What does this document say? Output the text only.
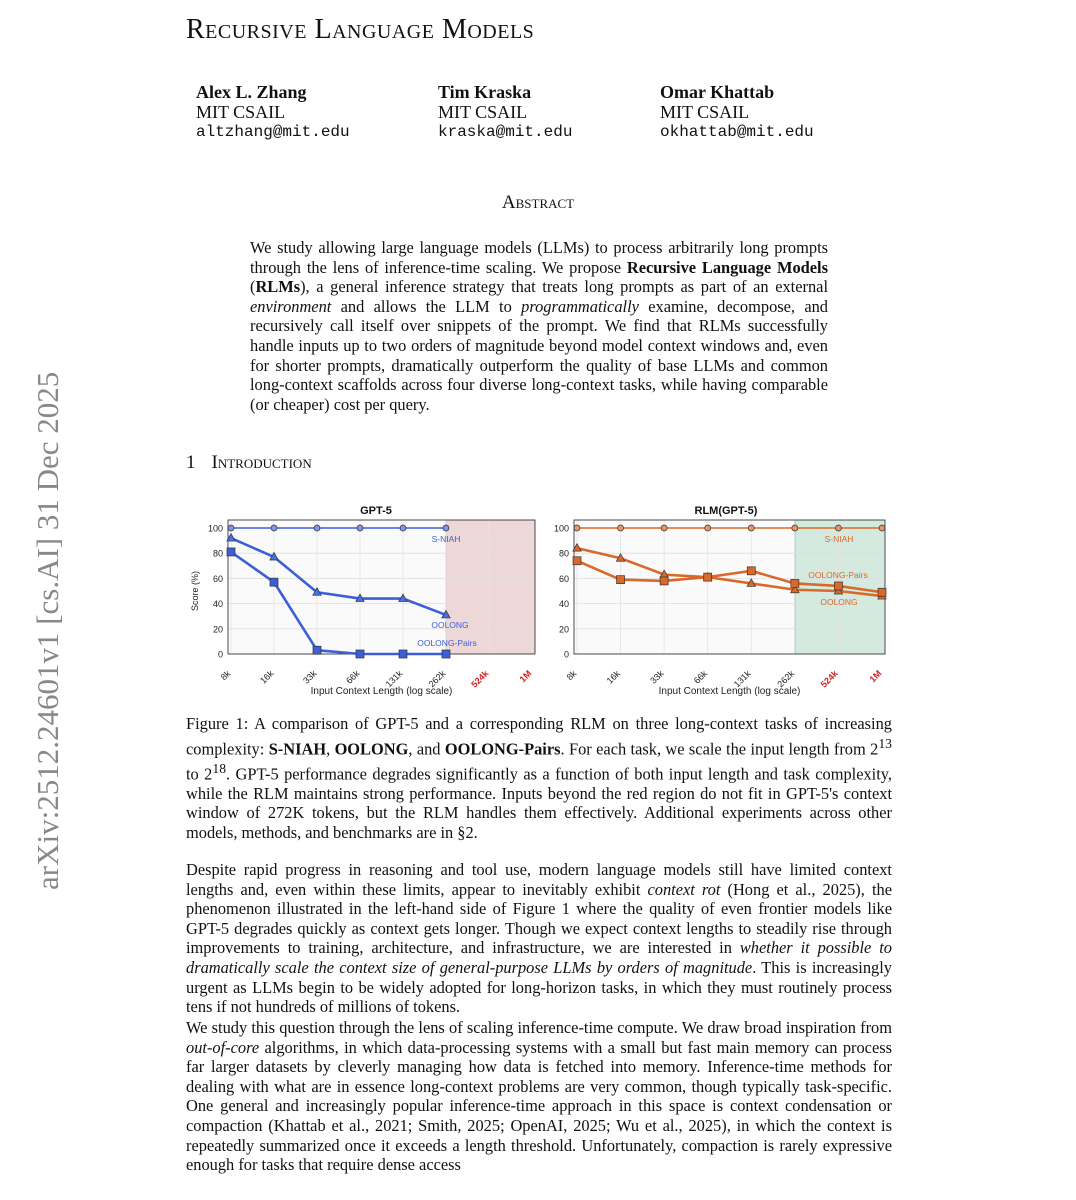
Recursive Language Models
Alex L. Zhang
MIT CSAIL
altzhang@mit.edu
Tim Kraska
MIT CSAIL
kraska@mit.edu
Omar Khattab
MIT CSAIL
okhattab@mit.edu
arXiv:2512.24601v1 [cs.AI] 31 Dec 2025
Abstract
We study allowing large language models (LLMs) to process arbitrarily long prompts through the lens of inference-time scaling. We propose Recursive Language Models (RLMs), a general inference strategy that treats long prompts as part of an external environment and allows the LLM to programmatically examine, decompose, and recursively call itself over snippets of the prompt. We find that RLMs successfully handle inputs up to two orders of magnitude beyond model context windows and, even for shorter prompts, dramatically outperform the quality of base LLMs and common long-context scaffolds across four diverse long-context tasks, while having comparable (or cheaper) cost per query.
1 Introduction
GPT-5
0
20
40
60
80
100
8k	16k	33k	66k 131k 262k 524k	1M
Score (%)
Input Context Length (log scale)
S-NIAH
OOLONG
OOLONG-Pairs
RLM(GPT-5)
0
20
40
60
80
100
8k	16k	33k	66k	131k	262k 524k	1M
Input Context Length (log scale)
S-NIAH
OOLONG
OOLONG-Pairs
Figure 1: A comparison of GPT-5 and a corresponding RLM on three long-context tasks of increasing complexity: S-NIAH, OOLONG, and OOLONG-Pairs. For each task, we scale the input length from $2^{13}$ to $2^{18}$. GPT-5 performance degrades significantly as a function of both input length and task complexity, while the RLM maintains strong performance. Inputs beyond the red region do not fit in GPT-5's context window of 272K tokens, but the RLM handles them effectively. Additional experiments across other models, methods, and benchmarks are in §2.
Despite rapid progress in reasoning and tool use, modern language models still have limited context lengths and, even within these limits, appear to inevitably exhibit context rot (Hong et al., 2025), the phenomenon illustrated in the left-hand side of Figure 1 where the quality of even frontier models like GPT-5 degrades quickly as context gets longer. Though we expect context lengths to steadily rise through improvements to training, architecture, and infrastructure, we are interested in whether it possible to dramatically scale the context size of general-purpose LLMs by orders of magnitude. This is increasingly urgent as LLMs begin to be widely adopted for long-horizon tasks, in which they must routinely process tens if not hundreds of millions of tokens.
We study this question through the lens of scaling inference-time compute. We draw broad inspiration from out-of-core algorithms, in which data-processing systems with a small but fast main memory can process far larger datasets by cleverly managing how data is fetched into memory. Inference-time methods for dealing with what are in essence long-context problems are very common, though typically task-specific. One general and increasingly popular inference-time approach in this space is context condensation or compaction (Khattab et al., 2021; Smith, 2025; OpenAI, 2025; Wu et al., 2025), in which the context is repeatedly summarized once it exceeds a length threshold. Unfortunately, compaction is rarely expressive enough for tasks that require dense access
